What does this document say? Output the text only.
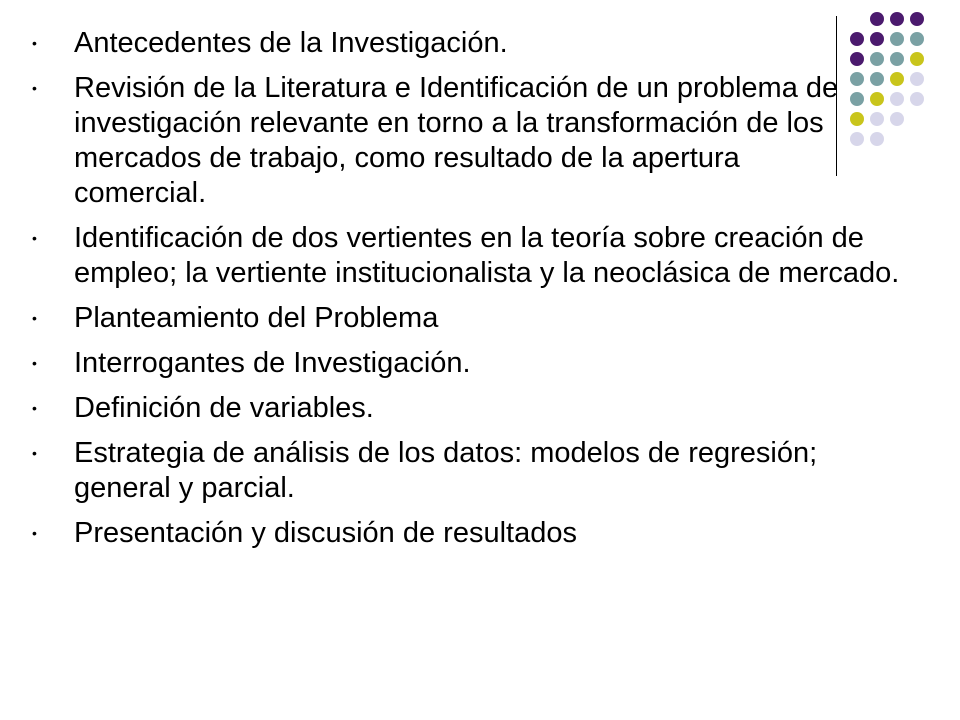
• Antecedentes de la Investigación.
• Revisión de la Literatura e Identificación de un problema de investigación relevante en torno a la transformación de los mercados de trabajo, como resultado de la apertura comercial.
• Identificación de dos vertientes en la teoría sobre creación de empleo; la vertiente institucionalista y la neoclásica de mercado.
• Planteamiento del Problema
• Interrogantes de Investigación.
• Definición de variables.
• Estrategia de análisis de los datos: modelos de regresión; general y parcial.
• Presentación y discusión de resultados
